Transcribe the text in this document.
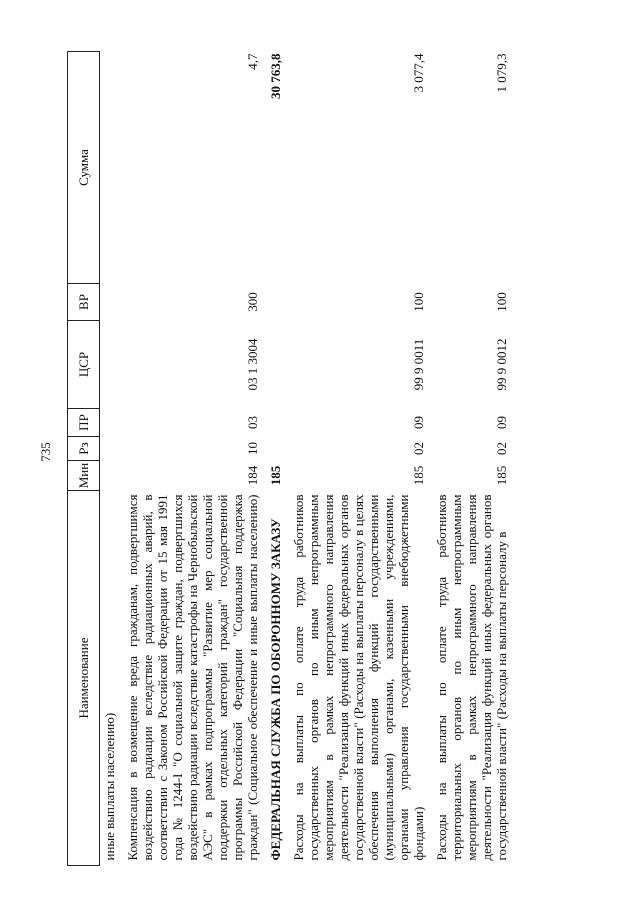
735
Наименование	Мин	Рз	ПР	ЦСР	ВР	Сумма
иные выплаты населению)						

Компенсация в возмещение вреда гражданам, подвергшимся воздействию радиации вследствие радиационных аварий, в соответствии с Законом Российской Федерации от 15 мая 1991 года № 1244-I "О социальной защите граждан, подвергшихся воздействию радиации вследствие катастрофы на Чернобыльской АЭС" в рамках подпрограммы "Развитие мер социальной поддержки отдельных категорий граждан" государственной программы Российской Федерации "Социальная поддержка граждан" (Социальное обеспечение и иные выплаты населению)	184	10	03	03 1 3004	300	4,7

ФЕДЕРАЛЬНАЯ СЛУЖБА ПО ОБОРОННОМУ ЗАКАЗУ	185					30 763,8

Расходы на выплаты по оплате труда работников государственных органов по иным непрограммным мероприятиям в рамках непрограммного направления деятельности "Реализация функций иных федеральных органов государственной власти" (Расходы на выплаты персоналу в целях обеспечения выполнения функций государственными (муниципальными) органами, казенными учреждениями, органами управления государственными внебюджетными фондами)	185	02	09	99 9 0011	100	3 077,4

Расходы на выплаты по оплате труда работников территориальных органов по иным непрограммным мероприятиям в рамках непрограммного направления деятельности "Реализация функций иных федеральных органов государственной власти" (Расходы на выплаты персоналу в	185	02	09	99 9 0012	100	1 079,3
